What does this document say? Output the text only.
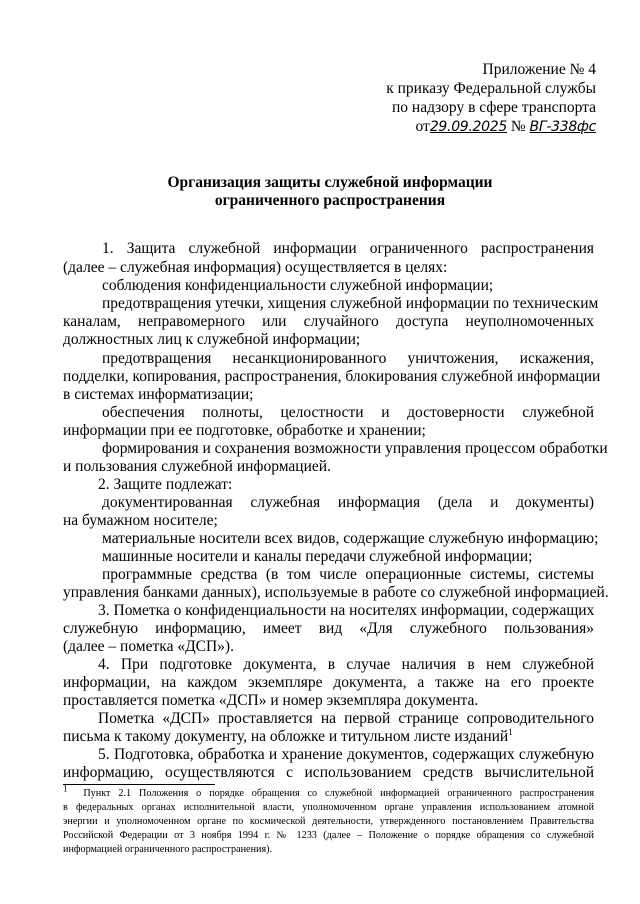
Приложение № 4
к приказу Федеральной службы
по надзору в сфере транспорта
от29.09.2025 № ВГ-338фс
Организация защиты служебной информации
ограниченного распространения
1. Защита служебной информации ограниченного распространения
(далее – служебная информация) осуществляется в целях:
соблюдения конфиденциальности служебной информации;
предотвращения утечки, хищения служебной информации по техническим
каналам, неправомерного или случайного доступа неуполномоченных
должностных лиц к служебной информации;
предотвращения несанкционированного уничтожения, искажения,
подделки, копирования, распространения, блокирования служебной информации
в системах информатизации;
обеспечения полноты, целостности и достоверности служебной
информации при ее подготовке, обработке и хранении;
формирования и сохранения возможности управления процессом обработки
и пользования служебной информацией.
2. Защите подлежат:
документированная служебная информация (дела и документы)
на бумажном носителе;
материальные носители всех видов, содержащие служебную информацию;
машинные носители и каналы передачи служебной информации;
программные средства (в том числе операционные системы, системы
управления банками данных), используемые в работе со служебной информацией.
3. Пометка о конфиденциальности на носителях информации, содержащих
служебную информацию, имеет вид «Для служебного пользования»
(далее – пометка «ДСП»).
4. При подготовке документа, в случае наличия в нем служебной
информации, на каждом экземпляре документа, а также на его проекте
проставляется пометка «ДСП» и номер экземпляра документа.
Пометка «ДСП» проставляется на первой странице сопроводительного
письма к такому документу, на обложке и титульном листе изданий$^1$
5. Подготовка, обработка и хранение документов, содержащих служебную
информацию, осуществляются с использованием средств вычислительной
$^1$ Пункт 2.1 Положения о порядке обращения со служебной информацией ограниченного распространения
в федеральных органах исполнительной власти, уполномоченном органе управления использованием атомной
энергии и уполномоченном органе по космической деятельности, утвержденного постановлением Правительства
Российской Федерации от 3 ноября 1994 г. № 1233 (далее – Положение о порядке обращения со служебной
информацией ограниченного распространения).
